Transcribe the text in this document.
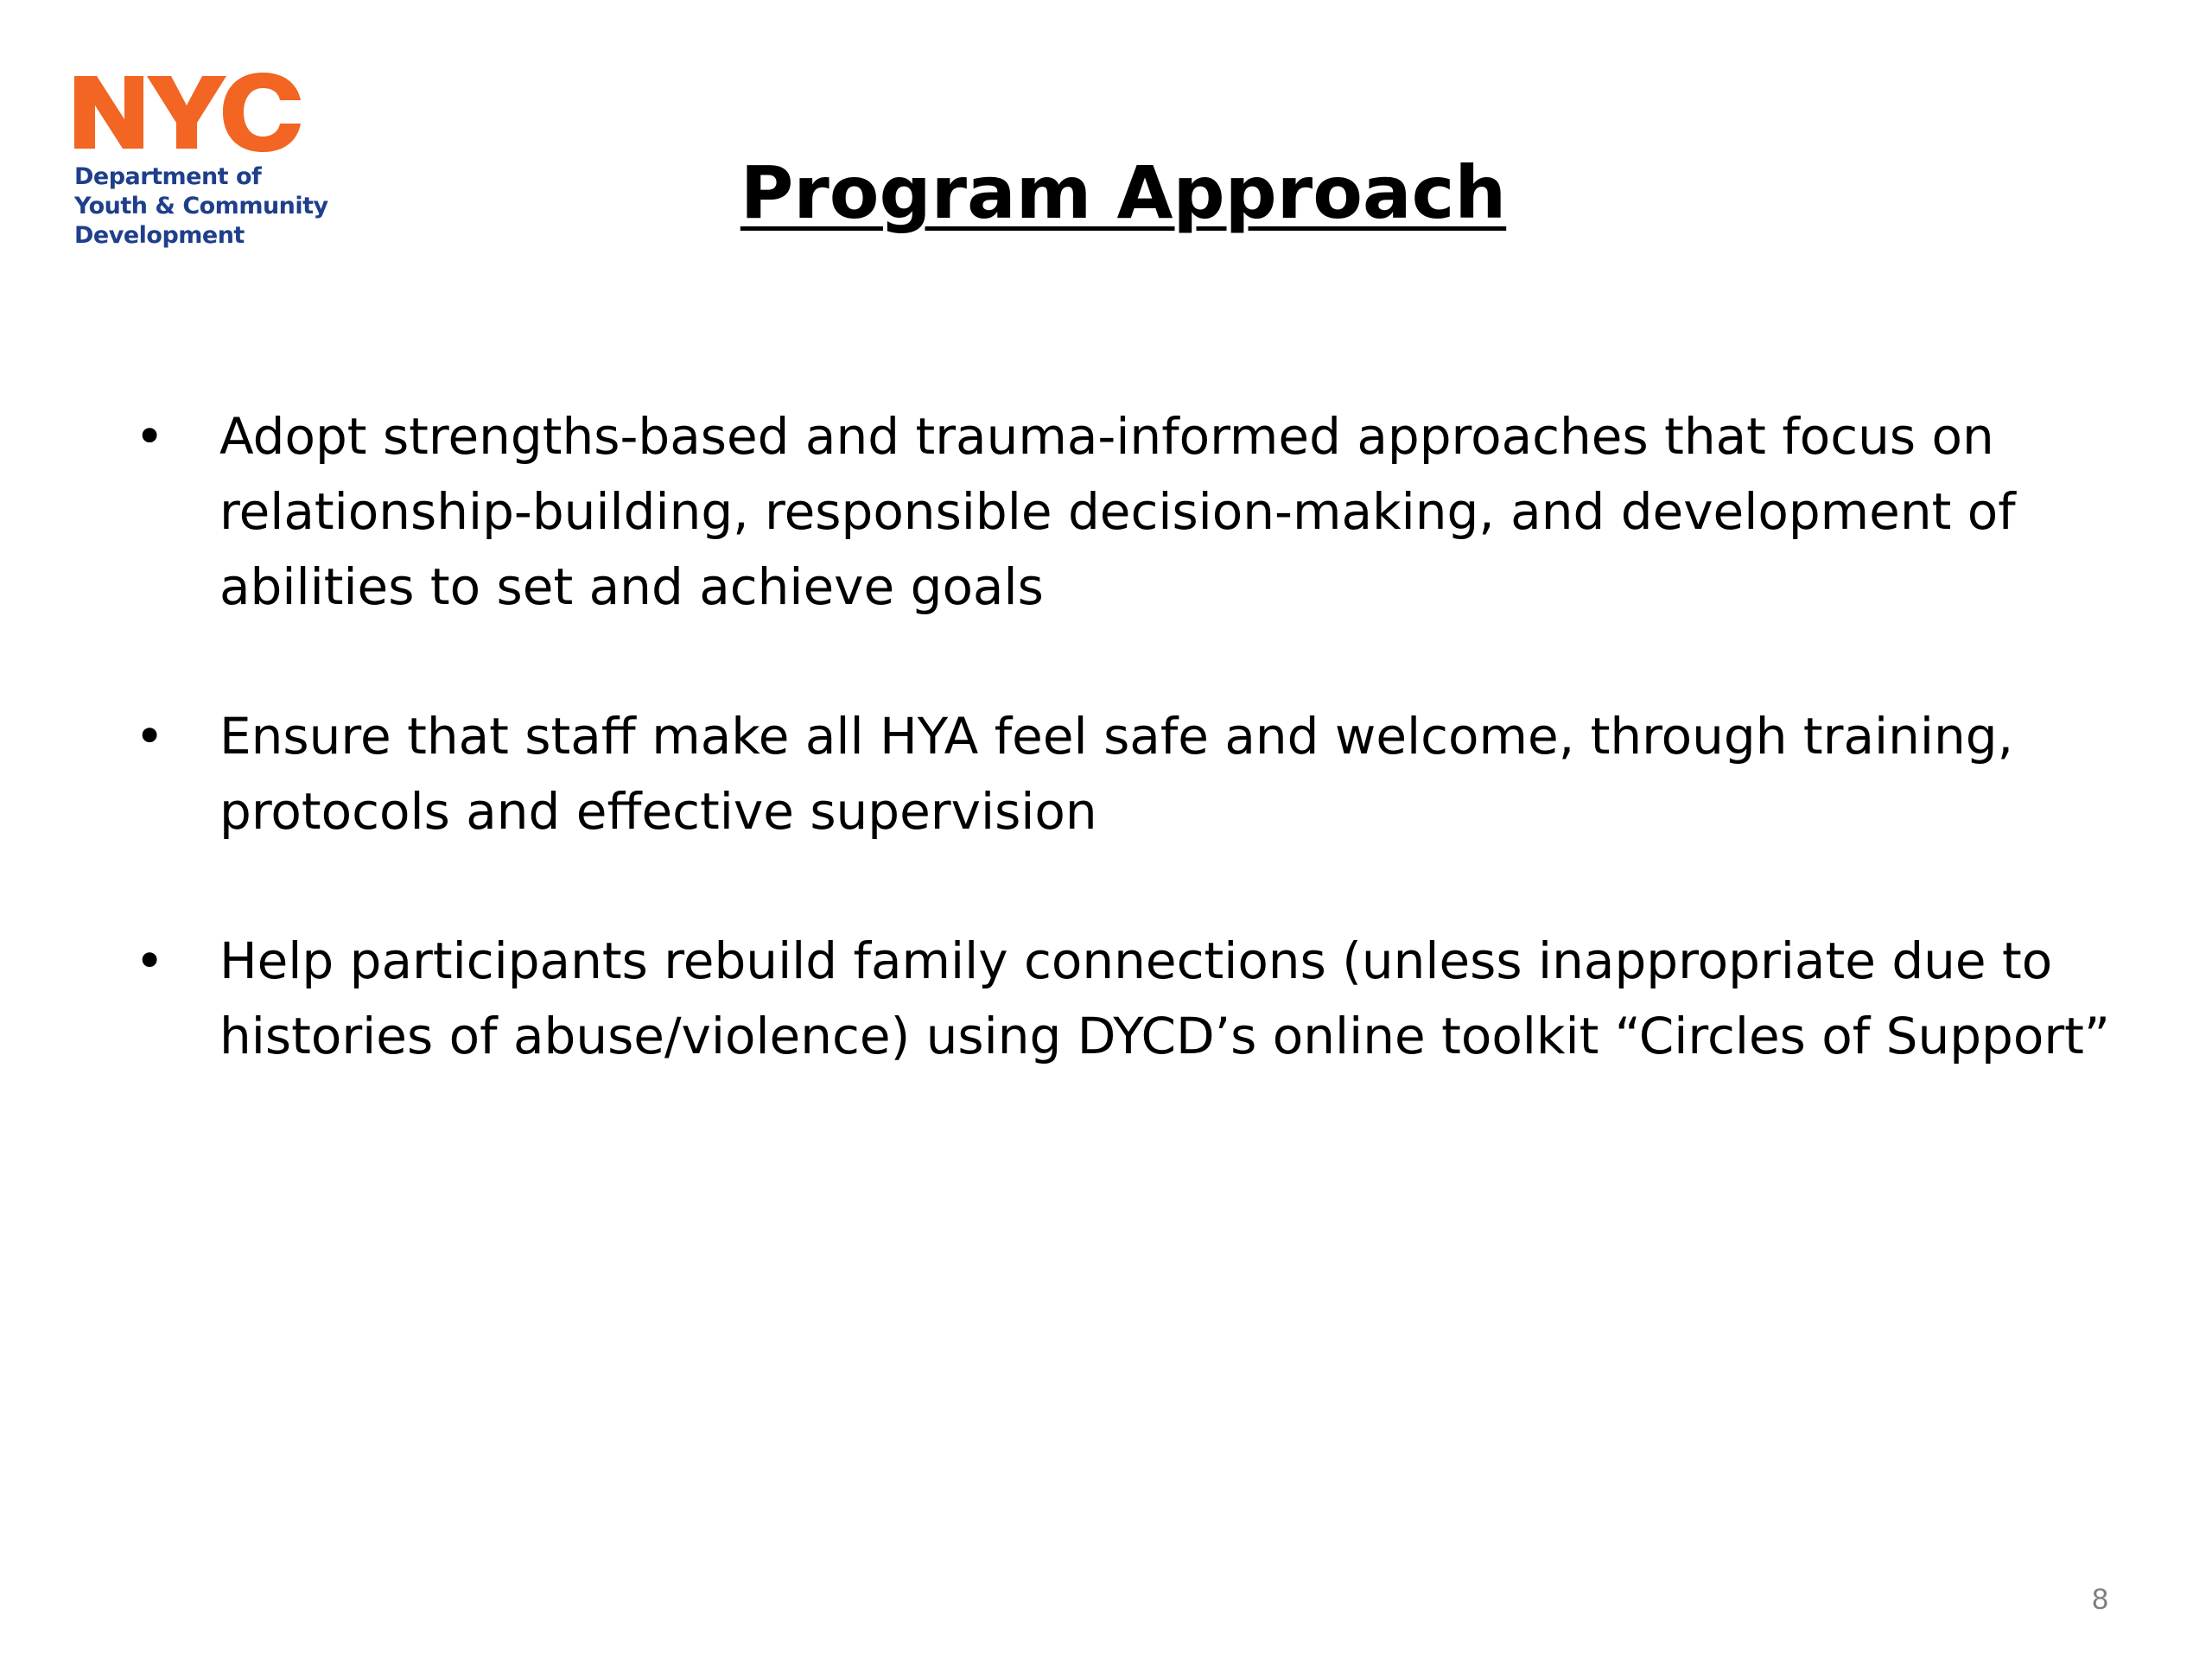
Department of
Youth & Community
Development
Program Approach
• Adopt strengths-based and trauma-informed approaches that focus on relationship-building, responsible decision-making, and development of abilities to set and achieve goals
• Ensure that staff make all HYA feel safe and welcome, through training, protocols and effective supervision
• Help participants rebuild family connections (unless inappropriate due to histories of abuse/violence) using DYCD’s online toolkit “Circles of Support”
8
